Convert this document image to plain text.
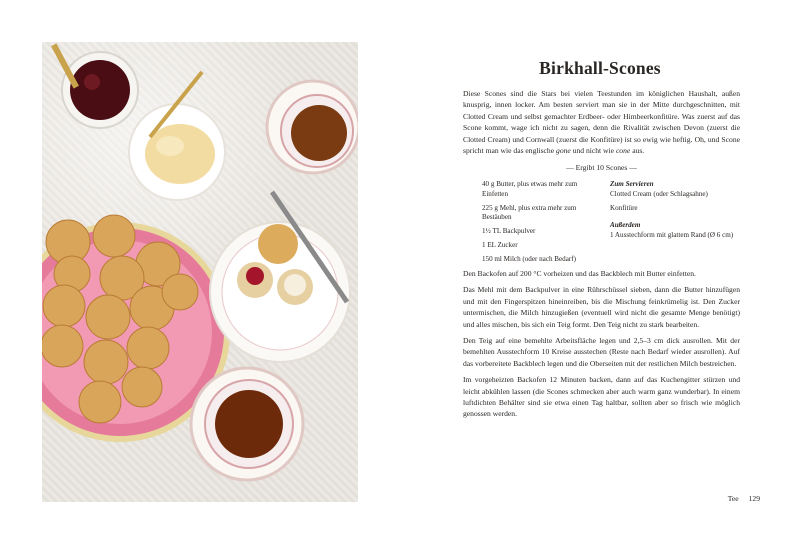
Birkhall-Scones
Diese Scones sind die Stars bei vielen Teestunden im königlichen Haushalt, außen knusprig, innen locker. Am besten serviert man sie in der Mitte durchgeschnitten, mit Clotted Cream und selbst gemachter Erdbeer- oder Himbeerkonfitüre. Was zuerst auf das Scone kommt, wage ich nicht zu sagen, denn die Rivalität zwischen Devon (zuerst die Clotted Cream) und Cornwall (zuerst die Konfitüre) ist so ewig wie heftig. Oh, und Scone spricht man wie das englische gone und nicht wie cone aus.
— Ergibt 10 Scones —
40 g Butter, plus etwas mehr zum Einfetten
225 g Mehl, plus extra mehr zum Bestäuben
1½ TL Backpulver
1 EL Zucker
150 ml Milch (oder nach Bedarf)
Zum Servieren
Clotted Cream (oder Schlagsahne)
Konfitüre
Außerdem
1 Ausstechform mit glattem Rand (Ø 6 cm)

Den Backofen auf 200 °C vorheizen und das Backblech mit Butter einfetten.

Das Mehl mit dem Backpulver in eine Rührschüssel sieben, dann die Butter hinzufügen und mit den Fingerspitzen hineinreiben, bis die Mischung feinkrümelig ist. Den Zucker untermischen, die Milch hinzugießen (eventuell wird nicht die gesamte Menge benötigt) und alles mischen, bis sich ein Teig formt. Den Teig nicht zu stark bearbeiten.

Den Teig auf eine bemehlte Arbeitsfläche legen und 2,5–3 cm dick ausrollen. Mit der bemehlten Ausstechform 10 Kreise ausstechen (Reste nach Bedarf wieder ausrollen). Auf das vorbereitete Backblech legen und die Oberseiten mit der restlichen Milch bestreichen.

Im vorgeheizten Backofen 12 Minuten backen, dann auf das Kuchengitter stürzen und leicht abkühlen lassen (die Scones schmecken aber auch warm ganz wunderbar). In einem luftdichten Behälter sind sie etwa einen Tag haltbar, sollten aber so frisch wie möglich genossen werden.

Tee 129
